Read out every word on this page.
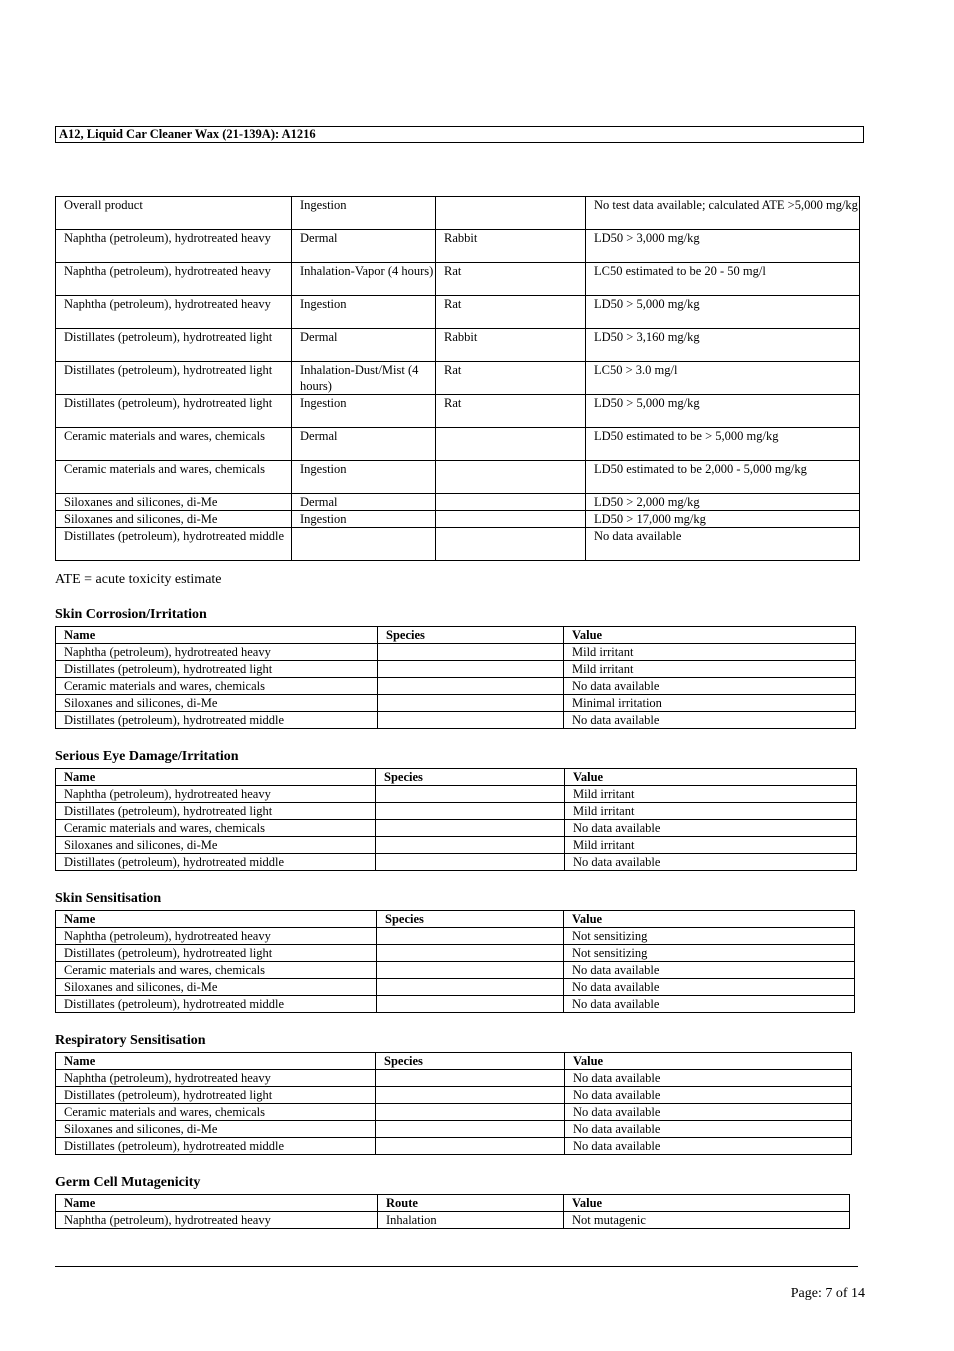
A12, Liquid Car Cleaner Wax (21-139A): A1216
Overall product	Ingestion		No test data available; calculated ATE >5,000 mg/kg
Naphtha (petroleum), hydrotreated heavy	Dermal	Rabbit	LD50 > 3,000 mg/kg
Naphtha (petroleum), hydrotreated heavy	Inhalation-Vapor (4 hours)	Rat	LC50 estimated to be 20 - 50 mg/l
Naphtha (petroleum), hydrotreated heavy	Ingestion	Rat	LD50 > 5,000 mg/kg
Distillates (petroleum), hydrotreated light	Dermal	Rabbit	LD50 > 3,160 mg/kg
Distillates (petroleum), hydrotreated light	Inhalation-Dust/Mist (4 hours)	Rat	LC50 > 3.0 mg/l
Distillates (petroleum), hydrotreated light	Ingestion	Rat	LD50 > 5,000 mg/kg
Ceramic materials and wares, chemicals	Dermal		LD50 estimated to be > 5,000 mg/kg
Ceramic materials and wares, chemicals	Ingestion		LD50 estimated to be 2,000 - 5,000 mg/kg
Siloxanes and silicones, di-Me	Dermal		LD50 > 2,000 mg/kg
Siloxanes and silicones, di-Me	Ingestion		LD50 > 17,000 mg/kg
Distillates (petroleum), hydrotreated middle			No data available
ATE = acute toxicity estimate
Skin Corrosion/Irritation
Name	Species	Value
Naphtha (petroleum), hydrotreated heavy		Mild irritant
Distillates (petroleum), hydrotreated light		Mild irritant
Ceramic materials and wares, chemicals		No data available
Siloxanes and silicones, di-Me		Minimal irritation
Distillates (petroleum), hydrotreated middle		No data available
Serious Eye Damage/Irritation
Name	Species	Value
Naphtha (petroleum), hydrotreated heavy		Mild irritant
Distillates (petroleum), hydrotreated light		Mild irritant
Ceramic materials and wares, chemicals		No data available
Siloxanes and silicones, di-Me		Mild irritant
Distillates (petroleum), hydrotreated middle		No data available
Skin Sensitisation
Name	Species	Value
Naphtha (petroleum), hydrotreated heavy		Not sensitizing
Distillates (petroleum), hydrotreated light		Not sensitizing
Ceramic materials and wares, chemicals		No data available
Siloxanes and silicones, di-Me		No data available
Distillates (petroleum), hydrotreated middle		No data available
Respiratory Sensitisation
Name	Species	Value
Naphtha (petroleum), hydrotreated heavy		No data available
Distillates (petroleum), hydrotreated light		No data available
Ceramic materials and wares, chemicals		No data available
Siloxanes and silicones, di-Me		No data available
Distillates (petroleum), hydrotreated middle		No data available
Germ Cell Mutagenicity
Name	Route	Value
Naphtha (petroleum), hydrotreated heavy	Inhalation	Not mutagenic
Page: 7 of 14
